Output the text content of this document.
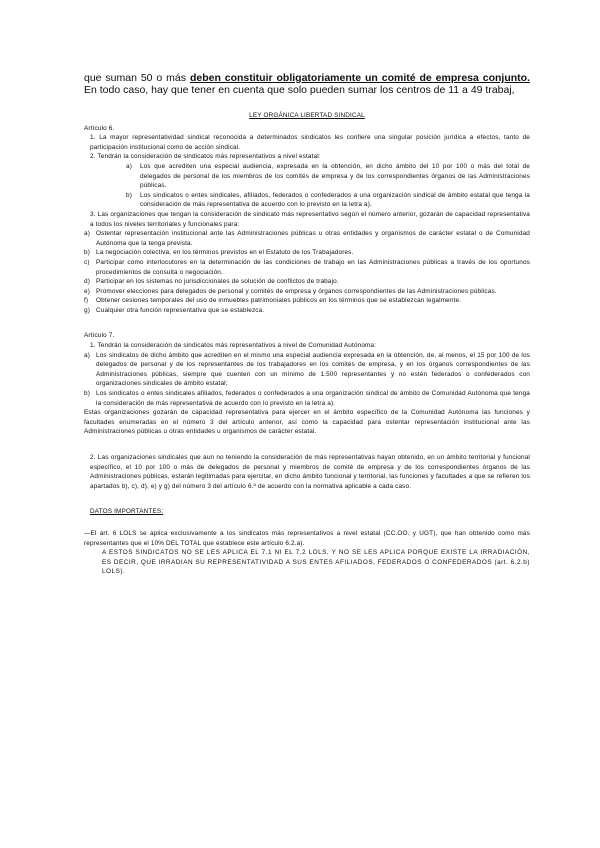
que suman 50 o más deben constituir obligatoriamente un comité de empresa conjunto. En todo caso, hay que tener en cuenta que solo pueden sumar los centros de 11 a 49 trabaj,

LEY ORGÁNICA LIBERTAD SINDICAL

Artículo 6.

1. La mayor representatividad sindical reconocida a determinados sindicatos les confiere una singular posición jurídica a efectos, tanto de participación institucional como de acción sindical.

2. Tendrán la consideración de sindicatos más representativos a nivel estatal:

a)	Los que acrediten una especial audiencia, expresada en la obtención, en dicho ámbito del 10 por 100 o más del total de delegados de personal de los miembros de los comités de empresa y de los correspondientes órganos de las Administraciones públicas.
b)	Los sindicatos o entes sindicales, afiliados, federados o confederados a una organización sindical de ámbito estatal que tenga la consideración de más representativa de acuerdo con lo previsto en la letra a).

3. Las organizaciones que tengan la consideración de sindicato más representativo según el número anterior, gozarán de capacidad representativa a todos los niveles territoriales y funcionales para:

a) Ostentar representación institucional ante las Administraciones públicas u otras entidades y organismos de carácter estatal o de Comunidad Autónoma que la tenga prevista.
b) La negociación colectiva, en los términos previstos en el Estatuto de los Trabajadores.
c) Participar como interlocutores en la determinación de las condiciones de trabajo en las Administraciones públicas a través de los oportunos procedimientos de consulta o negociación.
d) Participar en los sistemas no jurisdiccionales de solución de conflictos de trabajo.
e) Promover elecciones para delegados de personal y comités de empresa y órganos correspondientes de las Administraciones públicas.
f)	Obtener cesiones temporales del uso de inmuebles patrimoniales públicos en los términos que se establezcan legalmente.
g) Cualquier otra función representativa que se establezca.

Artículo 7.

1. Tendrán la consideración de sindicatos más representativos a nivel de Comunidad Autónoma:

a) Los sindicatos de dicho ámbito que acrediten en el mismo una especial audiencia expresada en la obtención, de, al menos, el 15 por 100 de los delegados de personal y de los representantes de los trabajadores en los comités de empresa, y en los órganos correspondientes de las Administraciones públicas, siempre que cuenten con un mínimo de 1.500 representantes y no estén federados o confederados con organizaciones sindicales de ámbito estatal;
b) Los sindicatos o entes sindicales afiliados, federados o confederados a una organización sindical de ámbito de Comunidad Autónoma que tenga la consideración de más representativa de acuerdo con lo previsto en la letra a).

Estas organizaciones gozarán de capacidad representativa para ejercer en el ámbito específico de la Comunidad Autónoma las funciones y facultades enumeradas en el número 3 del artículo anterior, así como la capacidad para ostentar representación institucional ante las Administraciones públicas u otras entidades u organismos de carácter estatal.

2. Las organizaciones sindicales que aun no teniendo la consideración de más representativas hayan obtenido, en un ámbito territorial y funcional específico, el 10 por 100 o más de delegados de personal y miembros de comité de empresa y de los correspondientes órganos de las Administraciones públicas, estarán legitimadas para ejercitar, en dicho ámbito funcional y territorial, las funciones y facultades a que se refieren los apartados b), c), d), e) y g) del número 3 del artículo 6.º de acuerdo con la normativa aplicable a cada caso.

DATOS IMPORTANTES:

—El art. 6 LOLS se aplica exclusivamente a los sindicatos más representativos a nivel estatal (CC.OO. y UGT), que han obtenido como más representantes que el 10% DEL TOTAL que establece este artículo 6.2.a).

A ESTOS SINDICATOS NO SE LES APLICA EL 7.1 NI EL 7.2 LOLS, Y NO SE LES APLICA PORQUE EXISTE LA IRRADIACIÓN, ES DECIR, QUE IRRADIAN SU REPRESENTATIVIDAD A SUS ENTES AFILIADOS, FEDERADOS O CONFEDERADOS (art. 6.2.b) LOLS).
